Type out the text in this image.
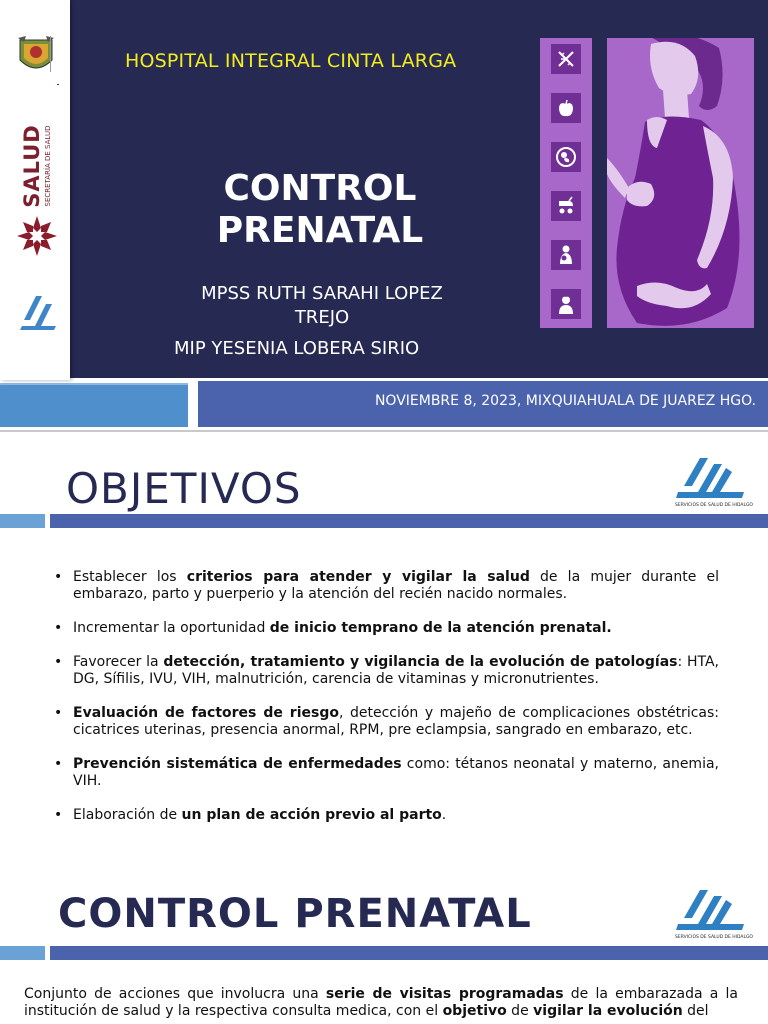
SALUD SECRETARÍA DE SALUD
HOSPITAL INTEGRAL CINTA LARGA
CONTROL PRENATAL
MPSS RUTH SARAHI LOPEZ TREJO
MIP YESENIA LOBERA SIRIO
NOVIEMBRE 8, 2023, MIXQUIAHUALA DE JUAREZ HGO.
OBJETIVOS	SERVICIOS DE SALUD DE HIDALGO
• Establecer los criterios para atender y vigilar la salud de la mujer durante el embarazo, parto y puerperio y la atención del recién nacido normales.
• Incrementar la oportunidad de inicio temprano de la atención prenatal.
• Favorecer la detección, tratamiento y vigilancia de la evolución de patologías: HTA, DG, Sífilis, IVU, VIH, malnutrición, carencia de vitaminas y micronutrientes.
• Evaluación de factores de riesgo, detección y majeño de complicaciones obstétricas: cicatrices uterinas, presencia anormal, RPM, pre eclampsia, sangrado en embarazo, etc.
• Prevención sistemática de enfermedades como: tétanos neonatal y materno, anemia, VIH.
• Elaboración de un plan de acción previo al parto.
CONTROL PRENATAL
SERVICIOS DE SALUD DE HIDALGO
Conjunto de acciones que involucra una serie de visitas programadas de la embarazada a la institución de salud y la respectiva consulta medica, con el objetivo de vigilar la evolución del
